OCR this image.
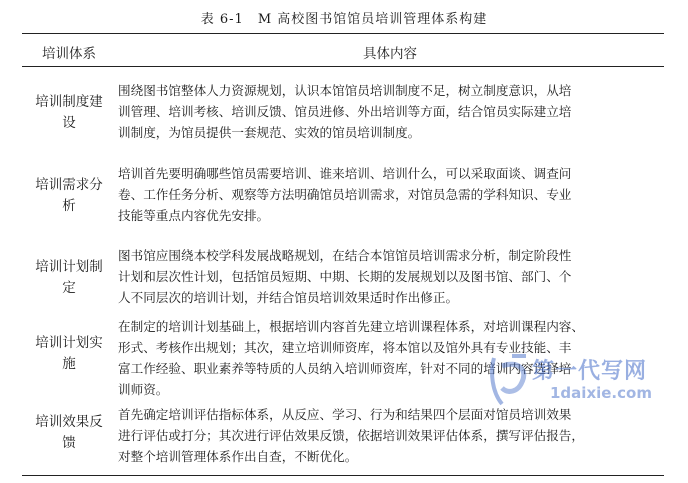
表 6-1 M 高校图书馆馆员培训管理体系构建
培训体系	具体内容
培训制度建
设
围绕图书馆整体人力资源规划，认识本馆馆员培训制度不足，树立制度意识，从培
训管理、培训考核、培训反馈、馆员进修、外出培训等方面，结合馆员实际建立培
训制度，为馆员提供一套规范、实效的馆员培训制度。
培训需求分
析
培训首先要明确哪些馆员需要培训、谁来培训、培训什么，可以采取面谈、调查问
卷、工作任务分析、观察等方法明确馆员培训需求，对馆员急需的学科知识、专业
技能等重点内容优先安排。
培训计划制
定
图书馆应围绕本校学科发展战略规划，在结合本馆馆员培训需求分析，制定阶段性
计划和层次性计划，包括馆员短期、中期、长期的发展规划以及图书馆、部门、个
人不同层次的培训计划，并结合馆员培训效果适时作出修正。
培训计划实
施
在制定的培训计划基础上，根据培训内容首先建立培训课程体系，对培训课程内容、
形式、考核作出规划；其次，建立培训师资库，将本馆以及馆外具有专业技能、丰
富工作经验、职业素养等特质的人员纳入培训师资库，针对不同的培训内容选择培
训师资。
培训效果反
馈
首先确定培训评估指标体系，从反应、学习、行为和结果四个层面对馆员培训效果
进行评估或打分；其次进行评估效果反馈，依据培训效果评估体系，撰写评估报告，
对整个培训管理体系作出自查，不断优化。
第一代写网
1daixie.com
